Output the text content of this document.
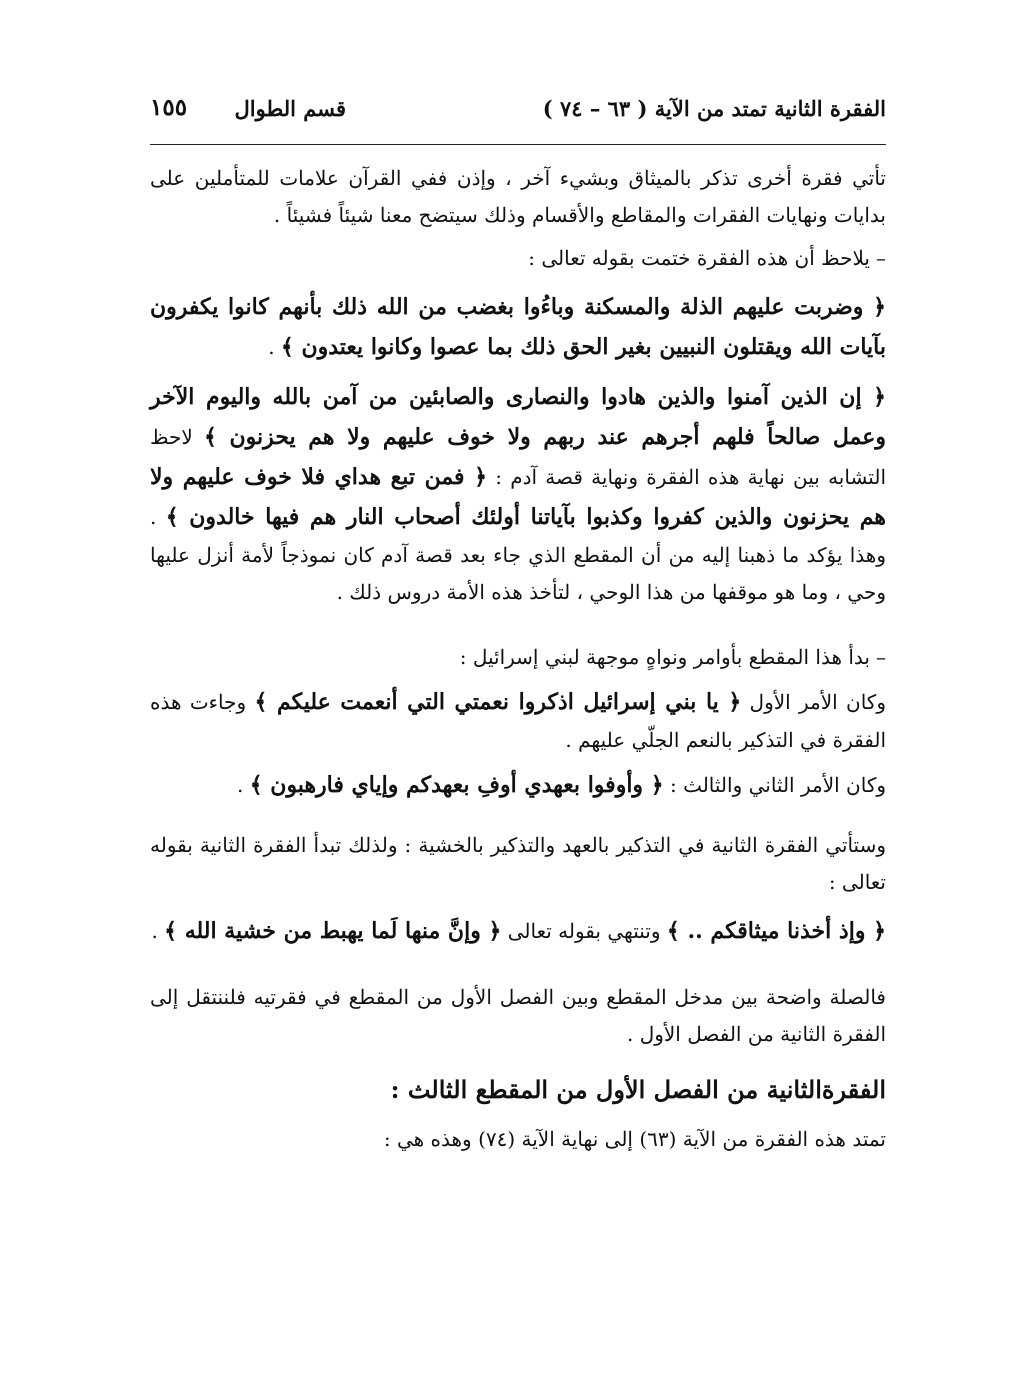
الفقرة الثانية تمتد من الآية ( ٦٣ – ٧٤ )
قسم الطوال
١٥٥

تأتي فقرة أخرى تذكر بالميثاق وبشيء آخر ، وإذن ففي القرآن علامات للمتأملين على بدايات ونهايات الفقرات والمقاطع والأقسام وذلك سيتضح معنا شيئاً فشيئاً .

–يلاحظ أن هذه الفقرة ختمت بقوله تعالى :

﴿ وضربت عليهم الذلة والمسكنة وباءُوا بغضب من الله ذلك بأنهم كانوا يكفرون بآيات الله ويقتلون النبيين بغير الحق ذلك بما عصوا وكانوا يعتدون ﴾ .

﴿ إن الذين آمنوا والذين هادوا والنصارى والصابئين من آمن بالله واليوم الآخر وعمل صالحاً فلهم أجرهم عند ربهم ولا خوف عليهم ولا هم يحزنون ﴾ لاحظ التشابه بين نهاية هذه الفقرة ونهاية قصة آدم : ﴿ فمن تبع هداي فلا خوف عليهم ولا هم يحزنون والذين كفروا وكذبوا بآياتنا أولئك أصحاب النار هم فيها خالدون ﴾ . وهذا يؤكد ما ذهبنا إليه من أن المقطع الذي جاء بعد قصة آدم كان نموذجاً لأمة أنزل عليها وحي ، وما هو موقفها من هذا الوحي ، لتأخذ هذه الأمة دروس ذلك .

–بدأ هذا المقطع بأوامر ونواهٍ موجهة لبني إسرائيل :

وكان الأمر الأول ﴿ يا بني إسرائيل اذكروا نعمتي التي أنعمت عليكم ﴾ وجاءت هذه الفقرة في التذكير بالنعم الجلّي عليهم .

وكان الأمر الثاني والثالث : ﴿ وأوفوا بعهدي أوفِ بعهدكم وإياي فارهبون ﴾ .

وستأتي الفقرة الثانية في التذكير بالعهد والتذكير بالخشية : ولذلك تبدأ الفقرة الثانية بقوله تعالى :

﴿ وإذ أخذنا ميثاقكم .. ﴾ وتنتهي بقوله تعالى ﴿ وإنَّ منها لَما يهبط من خشية الله ﴾ .

فالصلة واضحة بين مدخل المقطع وبين الفصل الأول من المقطع في فقرتيه فلننتقل إلى الفقرة الثانية من الفصل الأول .

الفقرةالثانية من الفصل الأول من المقطع الثالث :

تمتد هذه الفقرة من الآية (٦٣) إلى نهاية الآية (٧٤) وهذه هي :
